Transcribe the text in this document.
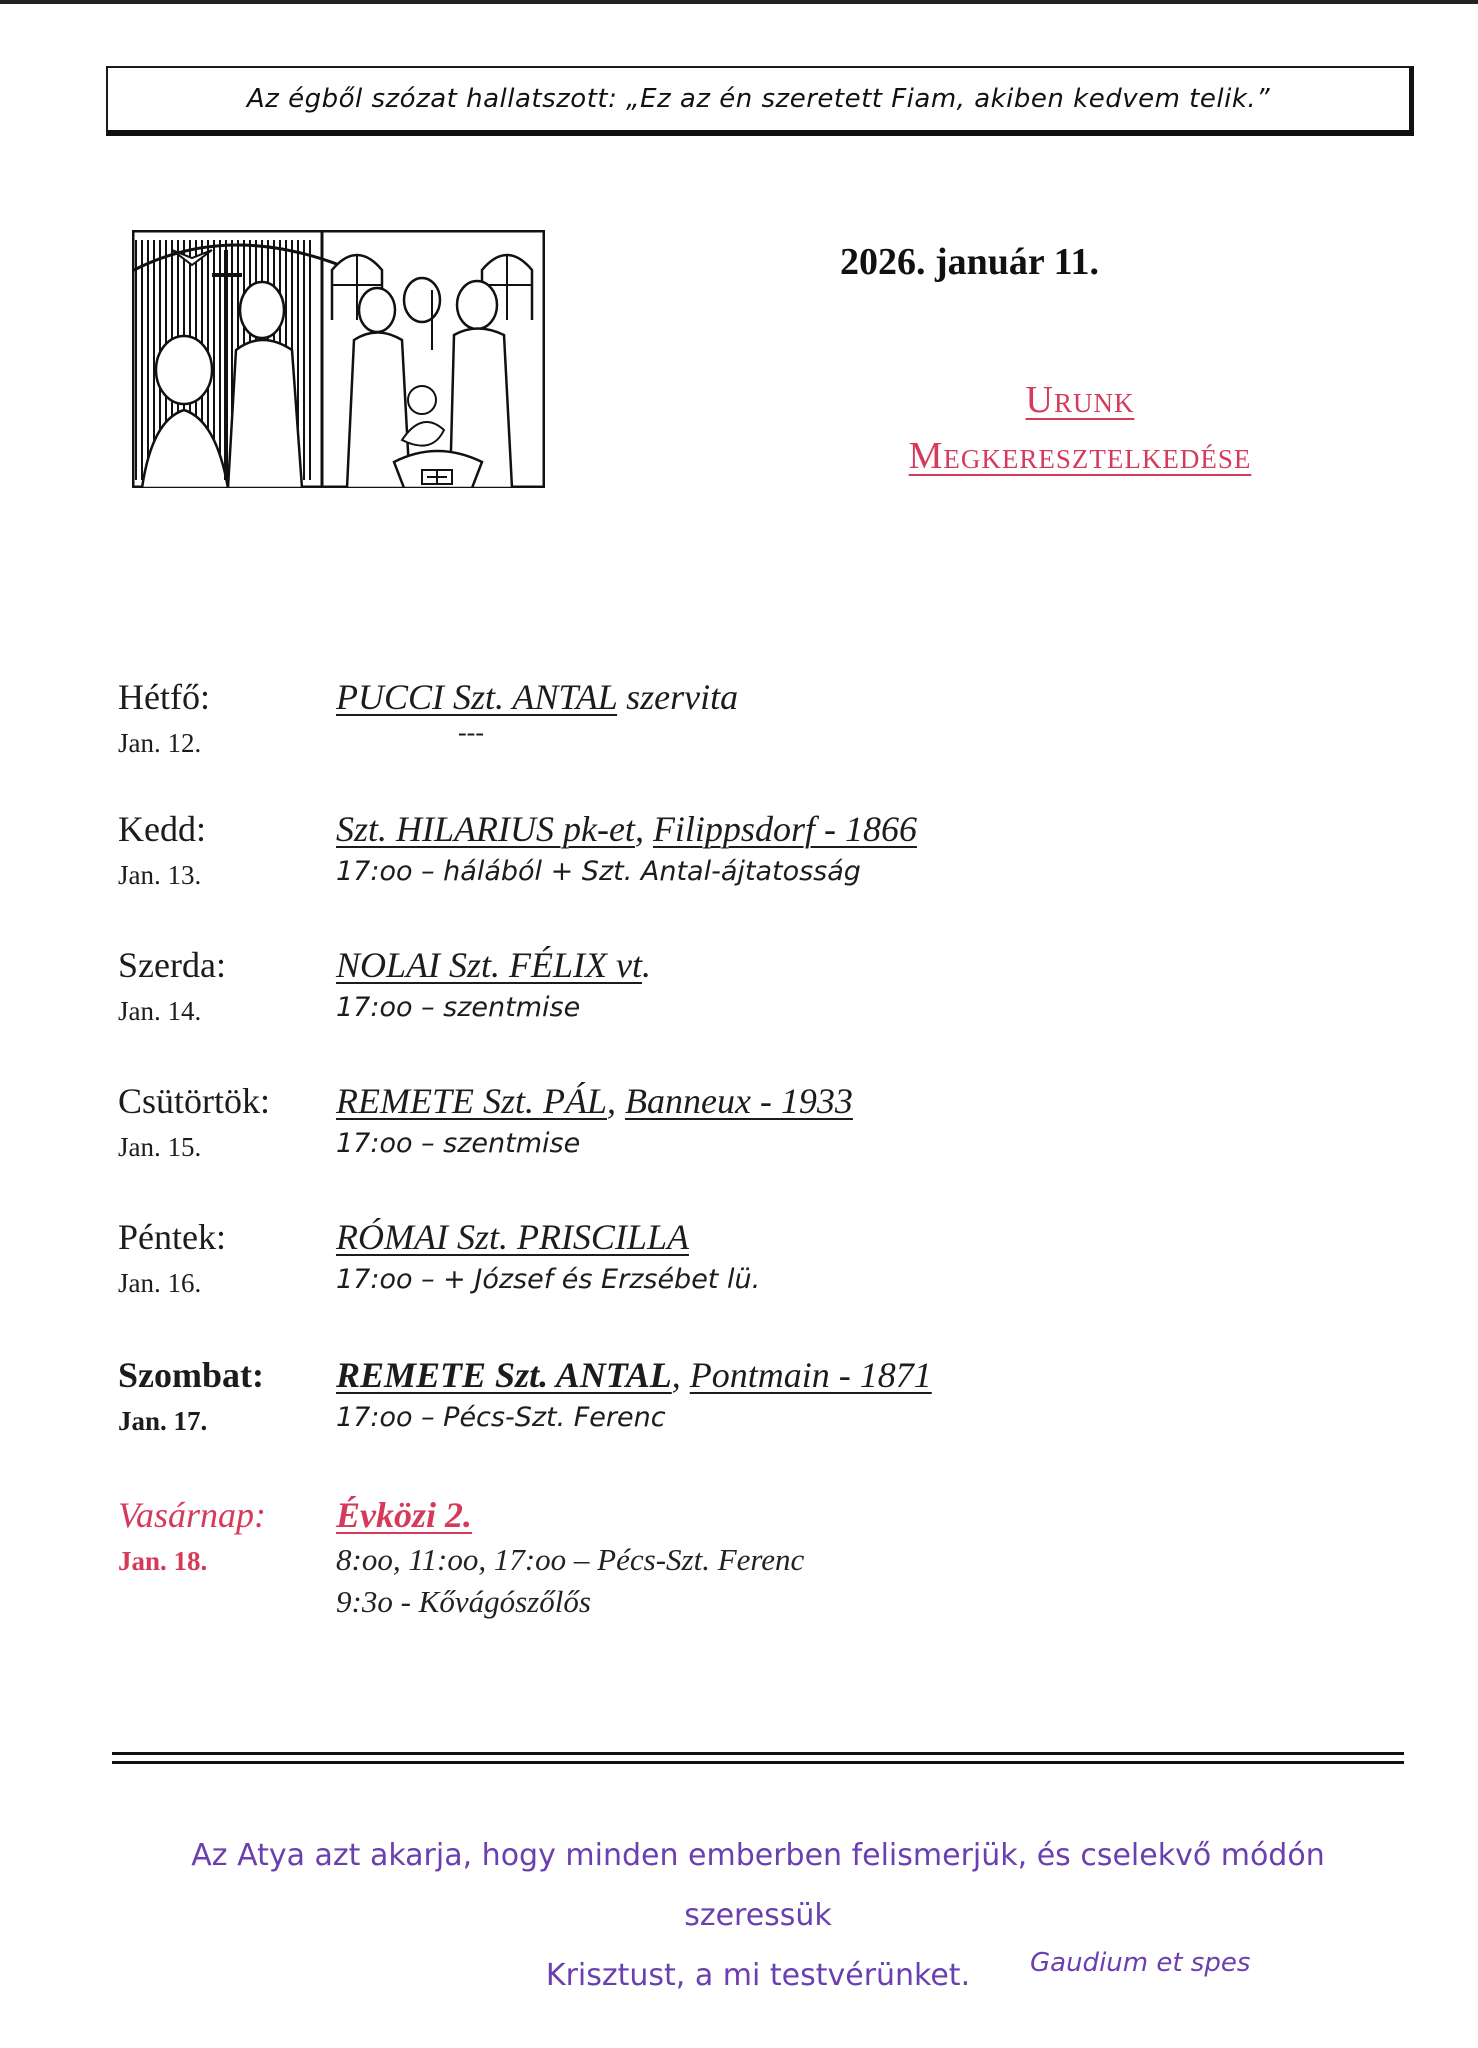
Az égből szózat hallatszott: „Ez az én szeretett Fiam, akiben kedvem telik.”
2026. január 11.
Urunk
Megkeresztelkedése
Hétfő:
Jan. 12.
PUCCI Szt. ANTAL szervita
---
Kedd:
Jan. 13.
Szt. HILARIUS pk-et, Filippsdorf - 1866
17:oo – hálából + Szt. Antal-ájtatosság
Szerda:
Jan. 14.
NOLAI Szt. FÉLIX vt.
17:oo – szentmise
Csütörtök:
Jan. 15.
REMETE Szt. PÁL, Banneux - 1933
17:oo – szentmise
Péntek:
Jan. 16.
RÓMAI Szt. PRISCILLA
17:oo – + József és Erzsébet lü.
Szombat:
Jan. 17.
REMETE Szt. ANTAL, Pontmain - 1871
17:oo – Pécs-Szt. Ferenc
Vasárnap:
Jan. 18.
Évközi 2.
8:oo, 11:oo, 17:oo – Pécs-Szt. Ferenc
9:3o - Kővágószőlős
Az Atya azt akarja, hogy minden emberben felismerjük, és cselekvő módón szeressük
Krisztust, a mi testvérünket.	Gaudium et spes
